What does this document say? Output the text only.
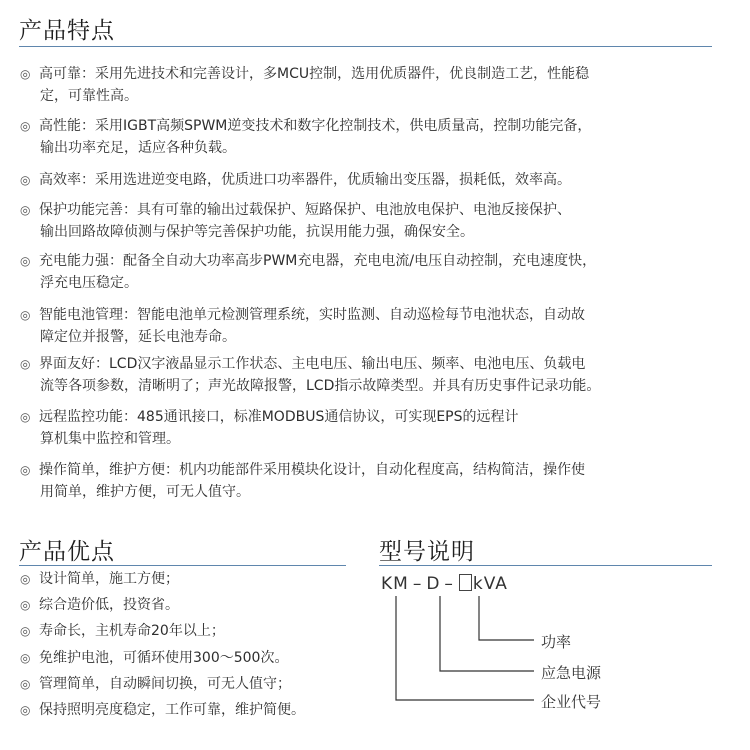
产品特点
◎ 高可靠：采用先进技术和完善设计，多MCU控制，选用优质器件，优良制造工艺，性能稳
定，可靠性高。
◎ 高性能：采用IGBT高频SPWM逆变技术和数字化控制技术，供电质量高，控制功能完备，
输出功率充足，适应各种负载。
◎ 高效率：采用选进逆变电路，优质进口功率器件，优质输出变压器，损耗低，效率高。
◎ 保护功能完善：具有可靠的输出过载保护、短路保护、电池放电保护、电池反接保护、
输出回路故障侦测与保护等完善保护功能，抗误用能力强，确保安全。
◎ 充电能力强：配备全自动大功率高步PWM充电器，充电电流/电压自动控制，充电速度快，
浮充电压稳定。
◎ 智能电池管理：智能电池单元检测管理系统，实时监测、自动巡检每节电池状态，自动故
障定位并报警，延长电池寿命。
◎ 界面友好：LCD汉字液晶显示工作状态、主电电压、输出电压、频率、电池电压、负载电
流等各项参数，清晰明了；声光故障报警，LCD指示故障类型。并具有历史事件记录功能。
◎ 远程监控功能：485通讯接口，标准MODBUS通信协议，可实现EPS的远程计
算机集中监控和管理。
◎ 操作简单，维护方便：机内功能部件采用模块化设计，自动化程度高，结构简洁，操作使
用简单，维护方便，可无人值守。
产品优点
◎ 设计简单，施工方便；
◎ 综合造价低，投资省。
◎ 寿命长，主机寿命20年以上；
◎ 免维护电池，可循环使用300～500次。
◎ 管理简单，自动瞬间切换，可无人值守；
◎ 保持照明亮度稳定，工作可靠，维护简便。
型号说明
KM – D – kVA
功率
应急电源
企业代号
